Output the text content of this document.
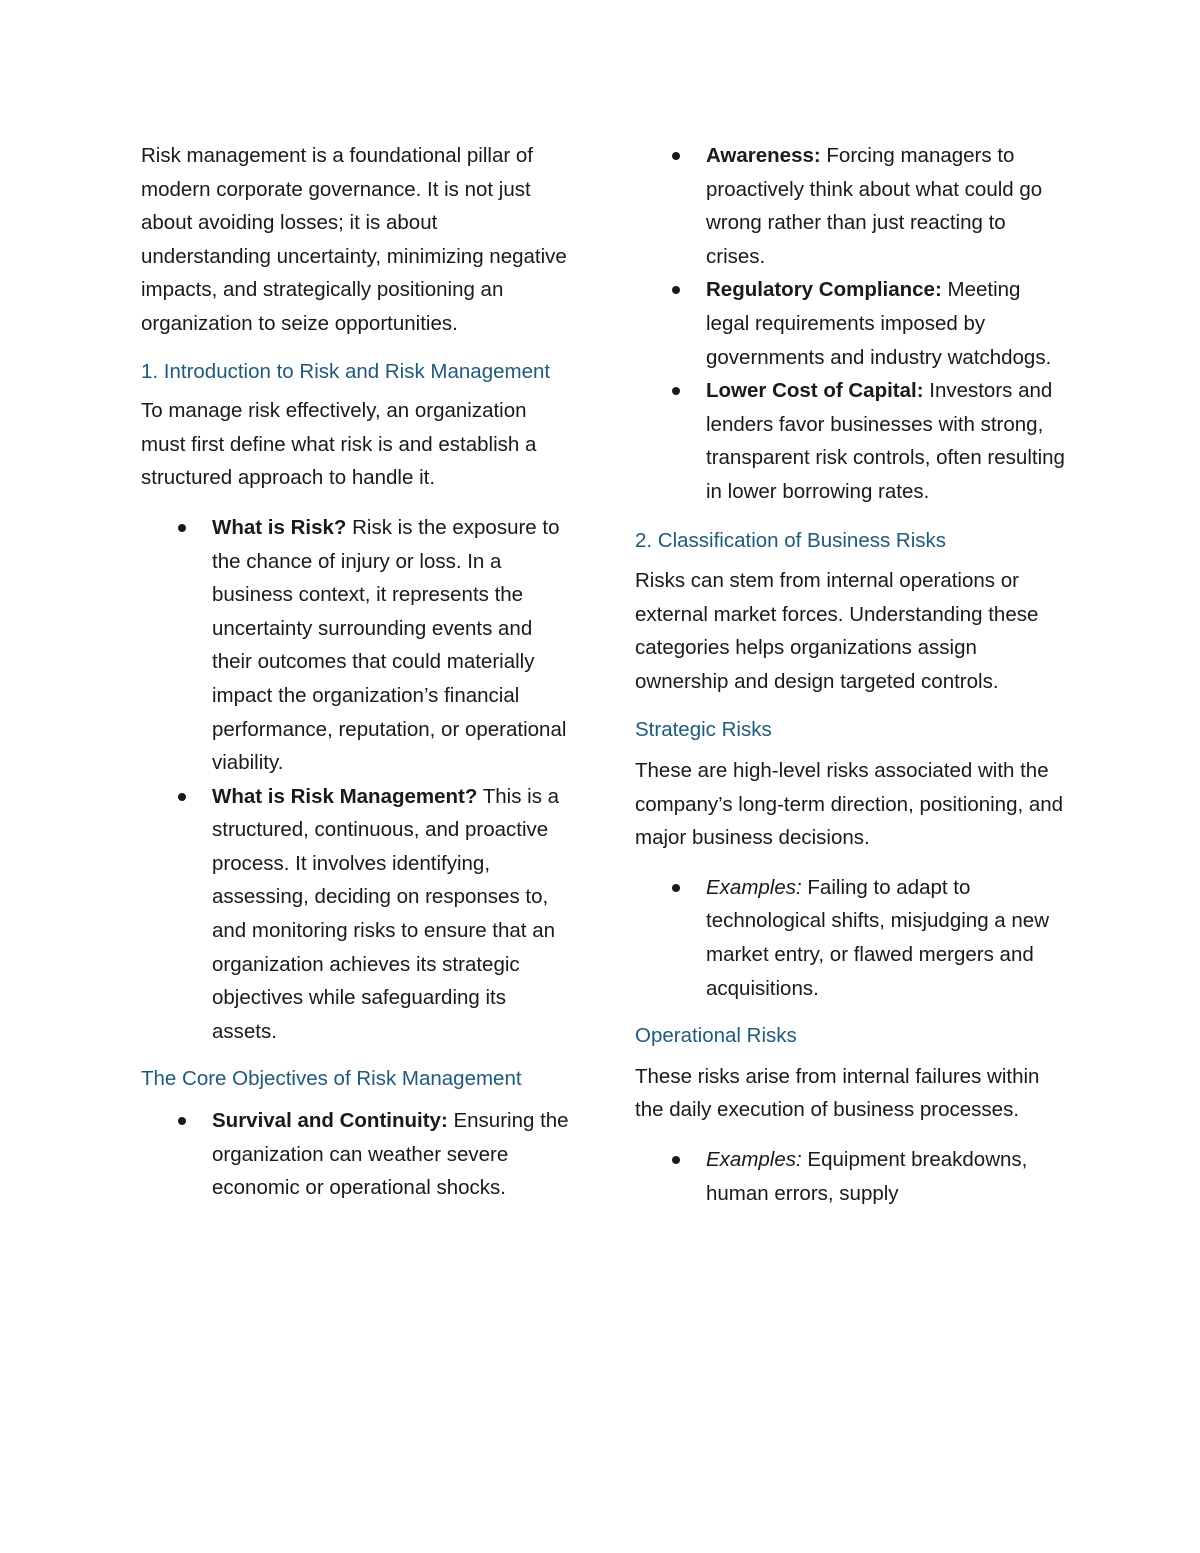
Risk management is a foundational pillar of modern corporate governance. It is not just about avoiding losses; it is about understanding uncertainty, minimizing negative impacts, and strategically positioning an organization to seize opportunities.

1. Introduction to Risk and Risk Management

To manage risk effectively, an organization must first define what risk is and establish a structured approach to handle it.

What is Risk? Risk is the exposure to the chance of injury or loss. In a business context, it represents the uncertainty surrounding events and their outcomes that could materially impact the organization’s financial performance, reputation, or operational viability.
What is Risk Management? This is a structured, continuous, and proactive process. It involves identifying, assessing, deciding on responses to, and monitoring risks to ensure that an organization achieves its strategic objectives while safeguarding its assets.
The Core Objectives of Risk Management
Survival and Continuity: Ensuring the organization can weather severe economic or operational shocks.
Awareness: Forcing managers to proactively think about what could go wrong rather than just reacting to crises.
Regulatory Compliance: Meeting legal requirements imposed by governments and industry watchdogs.
Lower Cost of Capital: Investors and lenders favor businesses with strong, transparent risk controls, often resulting in lower borrowing rates.
2. Classification of Business Risks

Risks can stem from internal operations or external market forces. Understanding these categories helps organizations assign ownership and design targeted controls.

Strategic Risks

These are high-level risks associated with the company’s long-term direction, positioning, and major business decisions.

Examples: Failing to adapt to technological shifts, misjudging a new market entry, or flawed mergers and acquisitions.
Operational Risks

These risks arise from internal failures within the daily execution of business processes.

Examples: Equipment breakdowns, human errors, supply
